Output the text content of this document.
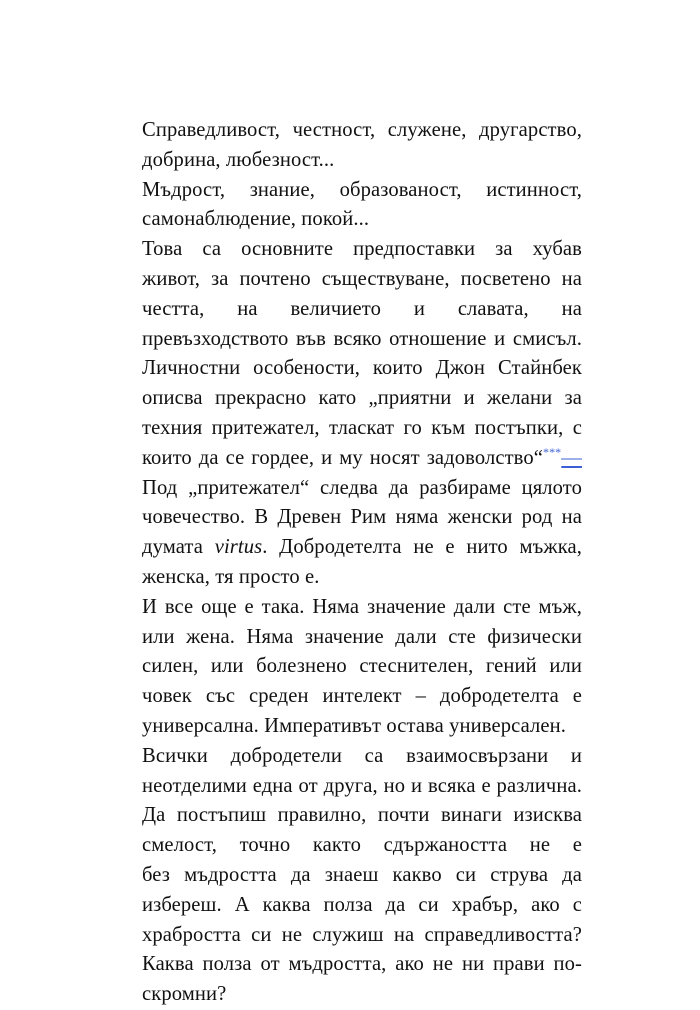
Справедливост, честност, служене, другарство,
добрина, любезност...
Мъдрост, знание, образованост, истинност,
самонаблюдение, покой...
Това са основните предпоставки за хубав
живот, за почтено съществуване, посветено на
честта, на величието и славата, на
превъзходството във всяко отношение и смисъл.
Личностни особености, които Джон Стайнбек
описва прекрасно като „приятни и желани за
техния притежател, тласкат го към постъпки, с
които да се гордее, и му носят задоволство“***—
Под „притежател“ следва да разбираме цялото
човечество. В Древен Рим няма женски род на
думата virtus. Добродетелта не е нито мъжка,
женска, тя просто е.
И все още е така. Няма значение дали сте мъж,
или жена. Няма значение дали сте физически
силен, или болезнено стеснителен, гений или
човек със среден интелект – добродетелта е
универсална. Императивът остава универсален.
Всички добродетели са взаимосвързани и
неотделими една от друга, но и всяка е различна.
Да постъпиш правилно, почти винаги изисква
смелост, точно както сдържаността не е
без мъдростта да знаеш какво си струва да
избереш. А каква полза да си храбър, ако с
храбростта си не служиш на справедливостта?
Каква полза от мъдростта, ако не ни прави по-
скромни?
